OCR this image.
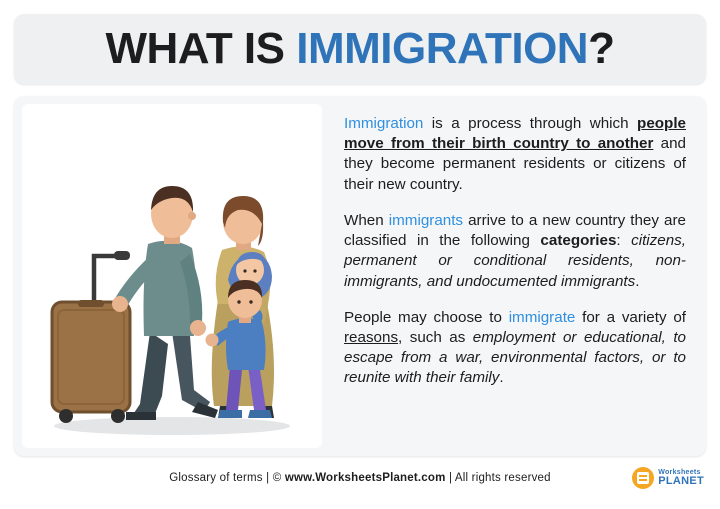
WHAT IS IMMIGRATION?

Immigration is a process through which people move from their birth country to another and they become permanent residents or citizens of their new country.

When immigrants arrive to a new country they are classified in the following categories: citizens, permanent or conditional residents, non-immigrants, and undocumented immigrants.

People may choose to immigrate for a variety of reasons, such as employment or educational, to escape from a war, environmental factors, or to reunite with their family.

Glossary of terms | © www.WorksheetsPlanet.com | All rights reserved	Worksheets
PLANET
